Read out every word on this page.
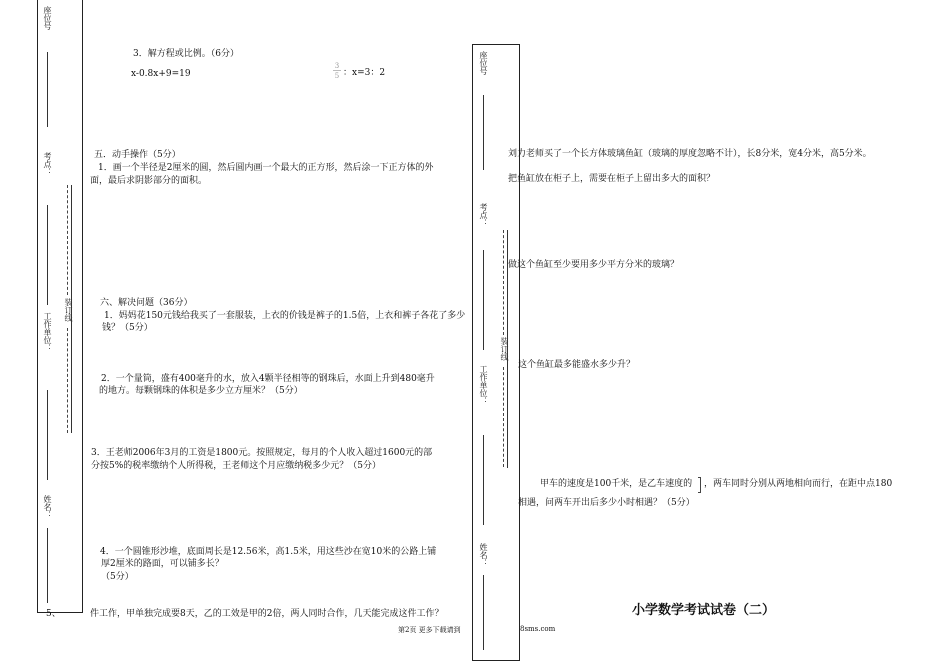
座位号
考点：
工作单位：
姓名：
装订线
3．解方程或比例。（6分）
x-0.8x+9=19
3
5 ：x=3：2
五．动手操作（5分）
1．画一个半径是2厘米的圆，然后圆内画一个最大的正方形，然后涂一下正方体的外
面，最后求阴影部分的面积。
六、解决问题（36分）
1．妈妈花150元钱给我买了一套服装，上衣的价钱是裤子的1.5倍，上衣和裤子各花了多少
钱？（5分）
2．一个量筒，盛有400毫升的水，放入4颗半径相等的钢珠后，水面上升到480毫升
的地方。每颗钢珠的体积是多少立方厘米？（5分）
3．王老师2006年3月的工资是1800元。按照规定，每月的个人收入超过1600元的部
分按5%的税率缴纳个人所得税，王老师这个月应缴纳税多少元？（5分）
4．一个圆锥形沙堆，底面周长是12.56米，高1.5米，用这些沙在宽10米的公路上铺
厚2厘米的路面，可以铺多长？
（5分）
5、	件工作，甲单独完成要8天，乙的工效是甲的2倍，两人同时合作，几天能完成这件工作？
第2页 更多下载请到	8sms.com
座位号
考点：
工作单位：
姓名：
装订线
刘力老师买了一个长方体玻璃鱼缸（玻璃的厚度忽略不计），长8分米，宽4分米，高5分米。
把鱼缸放在柜子上，需要在柜子上留出多大的面积？
做这个鱼缸至少要用多少平方分米的玻璃？
这个鱼缸最多能盛水多少升？
甲车的速度是100千米，是乙车速度的 ，两车同时分别从两地相向而行，在距中点180
相遇，问两车开出后多少小时相遇？（5分）
小学数学考试试卷（二）
